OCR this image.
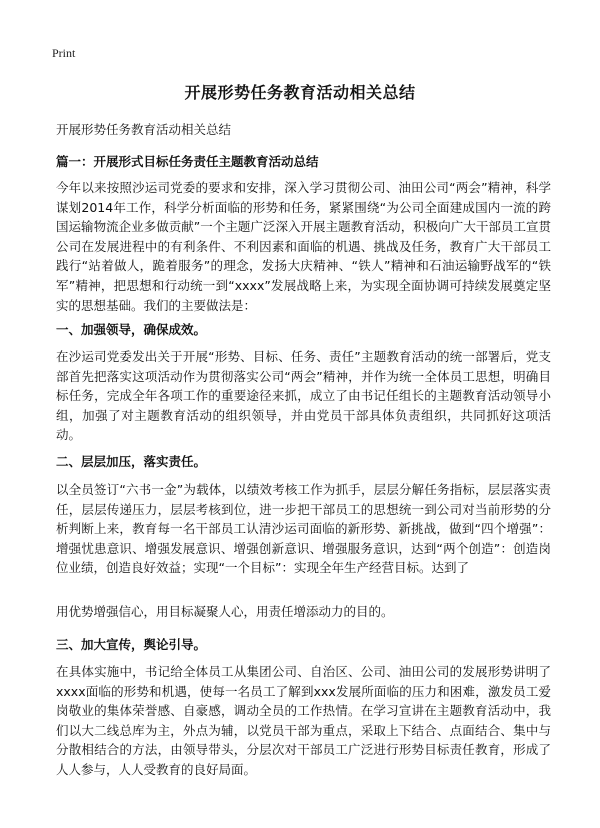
Print
开展形势任务教育活动相关总结
开展形势任务教育活动相关总结
篇一：开展形式目标任务责任主题教育活动总结

今年以来按照沙运司党委的要求和安排，深入学习贯彻公司、油田公司“两会”精神，科学谋划2014年工作，科学分析面临的形势和任务，紧紧围绕“为公司全面建成国内一流的跨国运输物流企业多做贡献”一个主题广泛深入开展主题教育活动，积极向广大干部员工宣贯公司在发展进程中的有利条件、不利因素和面临的机遇、挑战及任务，教育广大干部员工践行“站着做人，跪着服务”的理念，发扬大庆精神、“铁人”精神和石油运输野战军的“铁军”精神，把思想和行动统一到“xxxx”发展战略上来，为实现全面协调可持续发展奠定坚实的思想基础。我们的主要做法是：

一、加强领导，确保成效。

在沙运司党委发出关于开展“形势、目标、任务、责任”主题教育活动的统一部署后，党支部首先把落实这项活动作为贯彻落实公司“两会”精神，并作为统一全体员工思想，明确目标任务，完成全年各项工作的重要途径来抓，成立了由书记任组长的主题教育活动领导小组，加强了对主题教育活动的组织领导，并由党员干部具体负责组织，共同抓好这项活动。

二、层层加压，落实责任。

以全员签订“六书一金”为载体，以绩效考核工作为抓手，层层分解任务指标，层层落实责任，层层传递压力，层层考核到位，进一步把干部员工的思想统一到公司对当前形势的分析判断上来，教育每一名干部员工认清沙运司面临的新形势、新挑战，做到“四个增强”：增强忧患意识、增强发展意识、增强创新意识、增强服务意识，达到“两个创造”：创造岗位业绩，创造良好效益；实现“一个目标”：实现全年生产经营目标。达到了

用优势增强信心，用目标凝聚人心，用责任增添动力的目的。

三、加大宣传，舆论引导。

在具体实施中，书记给全体员工从集团公司、自治区、公司、油田公司的发展形势讲明了xxxx面临的形势和机遇，使每一名员工了解到xxx发展所面临的压力和困难，激发员工爱岗敬业的集体荣誉感、自豪感，调动全员的工作热情。在学习宣讲在主题教育活动中，我们以大二线总库为主，外点为辅，以党员干部为重点，采取上下结合、点面结合、集中与分散相结合的方法，由领导带头，分层次对干部员工广泛进行形势目标责任教育，形成了人人参与，人人受教育的良好局面。
